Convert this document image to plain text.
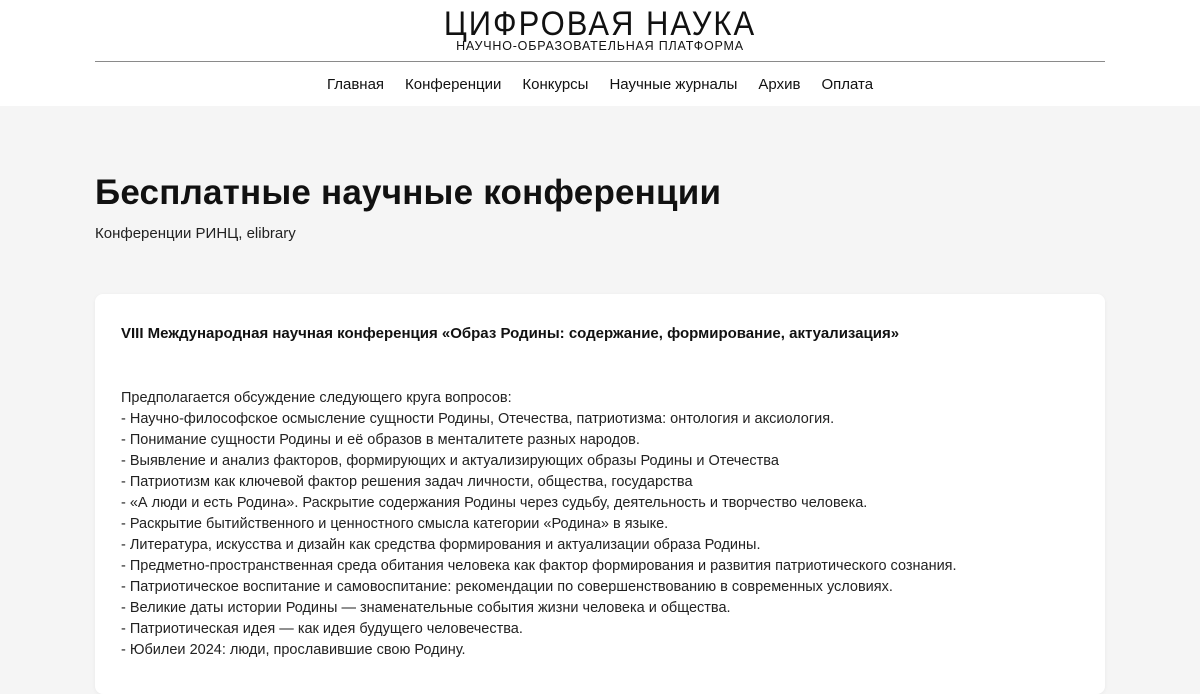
ЦИФРОВАЯ НАУКА
НАУЧНО-ОБРАЗОВАТЕЛЬНАЯ ПЛАТФОРМА
Главная Конференции Конкурсы Научные журналы Архив Оплата
Бесплатные научные конференции
Конференции РИНЦ, elibrary
VIII Международная научная конференция «Образ Родины: содержание, формирование, актуализация»
Предполагается обсуждение следующего круга вопросов:
- Научно-философское осмысление сущности Родины, Отечества, патриотизма: онтология и аксиология.
- Понимание сущности Родины и её образов в менталитете разных народов.
- Выявление и анализ факторов, формирующих и актуализирующих образы Родины и Отечества
- Патриотизм как ключевой фактор решения задач личности, общества, государства
- «А люди и есть Родина». Раскрытие содержания Родины через судьбу, деятельность и творчество человека.
- Раскрытие бытийственного и ценностного смысла категории «Родина» в языке.
- Литература, искусства и дизайн как средства формирования и актуализации образа Родины.
- Предметно-пространственная среда обитания человека как фактор формирования и развития патриотического сознания.
- Патриотическое воспитание и самовоспитание: рекомендации по совершенствованию в современных условиях.
- Великие даты истории Родины — знаменательные события жизни человека и общества.
- Патриотическая идея — как идея будущего человечества.
- Юбилеи 2024: люди, прославившие свою Родину.
